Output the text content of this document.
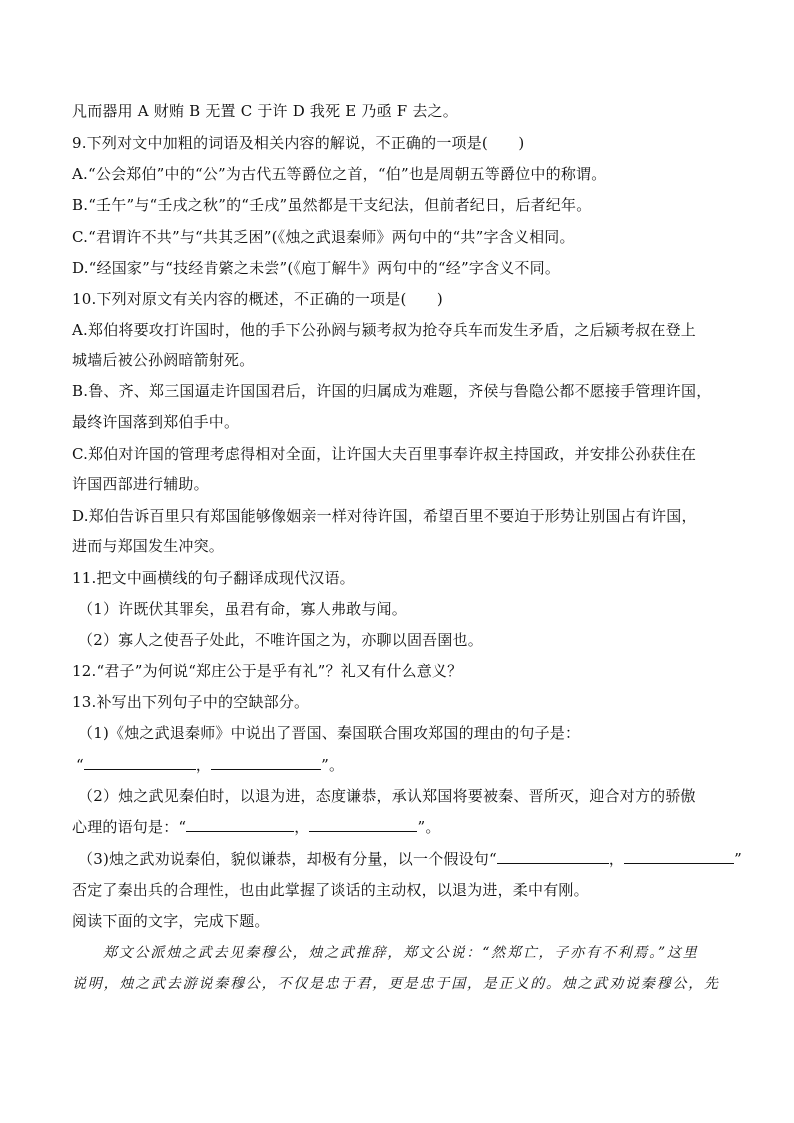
凡而器用 A 财贿 B 无置 C 于许 D 我死 E 乃亟 F 去之。
9.下列对文中加粗的词语及相关内容的解说，不正确的一项是(　　)
A.“公会郑伯”中的“公”为古代五等爵位之首，“伯”也是周朝五等爵位中的称谓。
B.“壬午”与“壬戌之秋”的“壬戌”虽然都是干支纪法，但前者纪日，后者纪年。
C.“君谓许不共”与“共其乏困”(《烛之武退秦师》两句中的“共”字含义相同。
D.“经国家”与“技经肯綮之未尝”(《庖丁解牛》两句中的“经”字含义不同。
10.下列对原文有关内容的概述，不正确的一项是(　　)
A.郑伯将要攻打许国时，他的手下公孙阏与颍考叔为抢夺兵车而发生矛盾，之后颍考叔在登上
城墙后被公孙阏暗箭射死。
B.鲁、齐、郑三国逼走许国国君后，许国的归属成为难题，齐侯与鲁隐公都不愿接手管理许国，
最终许国落到郑伯手中。
C.郑伯对许国的管理考虑得相对全面，让许国大夫百里事奉许叔主持国政，并安排公孙获住在
许国西部进行辅助。
D.郑伯告诉百里只有郑国能够像姻亲一样对待许国，希望百里不要迫于形势让别国占有许国，
进而与郑国发生冲突。
11.把文中画横线的句子翻译成现代汉语。
（1）许既伏其罪矣，虽君有命，寡人弗敢与闻。
（2）寡人之使吾子处此，不唯许国之为，亦聊以固吾圉也。
12.“君子”为何说“郑庄公于是乎有礼”？礼又有什么意义？
13.补写出下列句子中的空缺部分。
（1)《烛之武退秦师》中说出了晋国、秦国联合围攻郑国的理由的句子是：
“	，	”。
（2）烛之武见秦伯时，以退为进，态度谦恭，承认郑国将要被秦、晋所灭，迎合对方的骄傲
心理的语句是：“	，	”。
（3)烛之武劝说秦伯，貌似谦恭，却极有分量，以一个假设句“	，	”
否定了秦出兵的合理性，也由此掌握了谈话的主动权，以退为进，柔中有刚。
阅读下面的文字，完成下题。
郑文公派烛之武去见秦穆公，烛之武推辞，郑文公说：“然郑亡，子亦有不利焉。”这里
说明，烛之武去游说秦穆公，不仅是忠于君，更是忠于国，是正义的。烛之武劝说秦穆公，先
